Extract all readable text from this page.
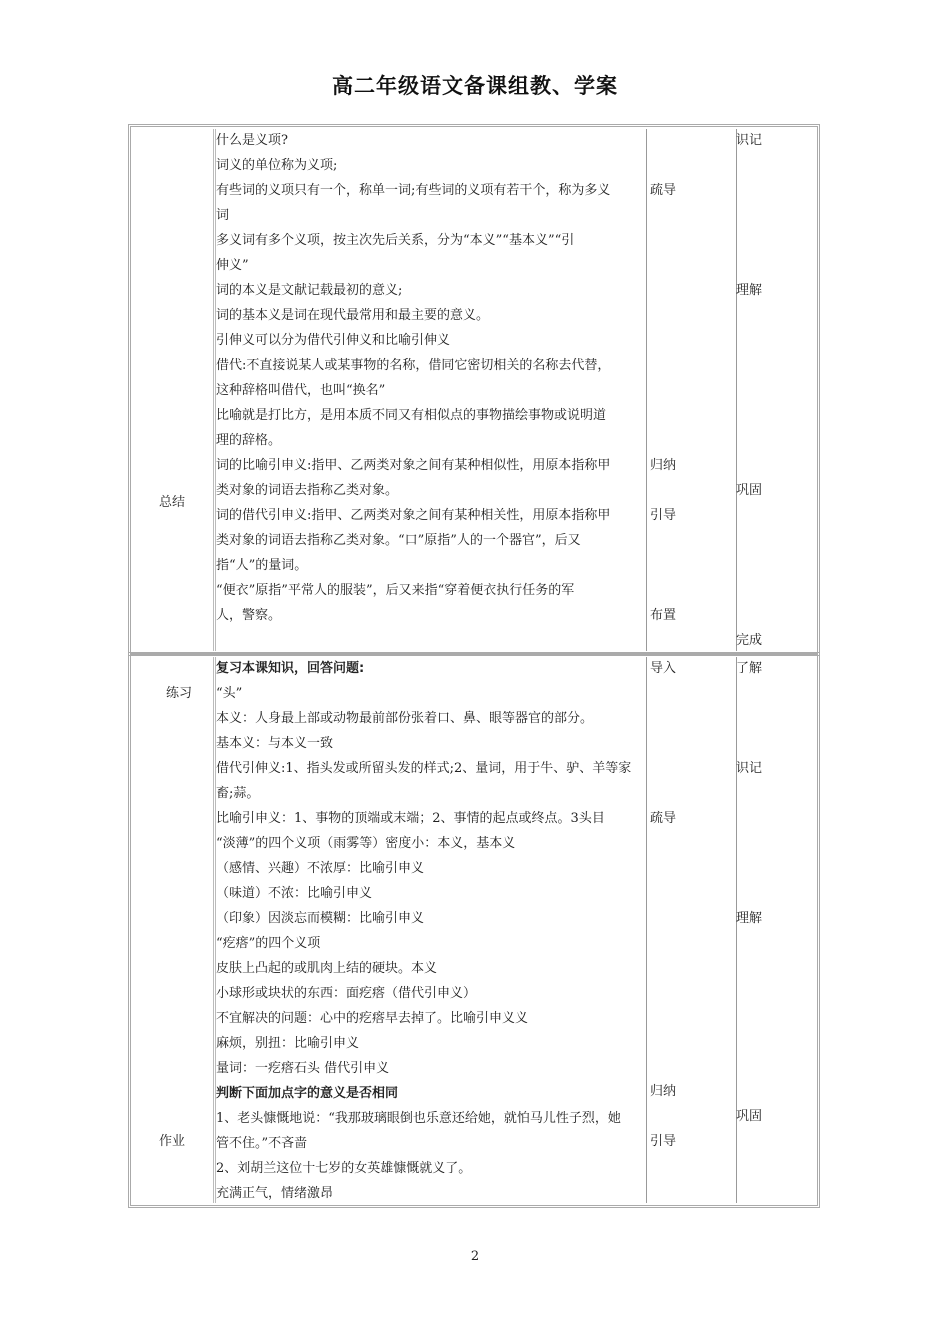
高二年级语文备课组教、学案
总结
什么是义项?
词义的单位称为义项;
有些词的义项只有一个，称单一词;有些词的义项有若干个，称为多义
词
多义词有多个义项，按主次先后关系，分为“本义”“基本义”“引
伸义”
词的本义是文献记载最初的意义;
词的基本义是词在现代最常用和最主要的意义。
引伸义可以分为借代引伸义和比喻引伸义
借代:不直接说某人或某事物的名称，借同它密切相关的名称去代替，
这种辞格叫借代，也叫“换名”
比喻就是打比方，是用本质不同又有相似点的事物描绘事物或说明道
理的辞格。
词的比喻引申义:指甲、乙两类对象之间有某种相似性，用原本指称甲
类对象的词语去指称乙类对象。
词的借代引申义:指甲、乙两类对象之间有某种相关性，用原本指称甲
类对象的词语去指称乙类对象。“口”原指”人的一个器官”，后又
指“人”的量词。
“便衣”原指”平常人的服装”，后又来指“穿着便衣执行任务的军
人，警察。
疏导
归纳
引导
布置
识记
理解
巩固
完成
练习
作业
复习本课知识，回答问题:
“头”
本义：人身最上部或动物最前部份张着口、鼻、眼等器官的部分。
基本义：与本义一致
借代引伸义:1、指头发或所留头发的样式;2、量词，用于牛、驴、羊等家
畜;蒜。
比喻引申义：1、事物的顶端或末端；2、事情的起点或终点。3头目
“淡薄”的四个义项（雨雾等）密度小：本义，基本义
（感情、兴趣）不浓厚：比喻引申义
（味道）不浓：比喻引申义
（印象）因淡忘而模糊：比喻引申义
“疙瘩”的四个义项
皮肤上凸起的或肌肉上结的硬块。本义
小球形或块状的东西：面疙瘩（借代引申义）
不宜解决的问题：心中的疙瘩早去掉了。比喻引申义义
麻烦，别扭：比喻引申义
量词：一疙瘩石头 借代引申义
判断下面加点字的意义是否相同
1、老头慷慨地说：“我那玻璃眼倒也乐意还给她，就怕马儿性子烈，她
管不住。”不吝啬
2、刘胡兰这位十七岁的女英雄慷慨就义了。
充满正气，情绪激昂
导入
疏导
归纳
引导
了解
识记
理解
巩固
2
